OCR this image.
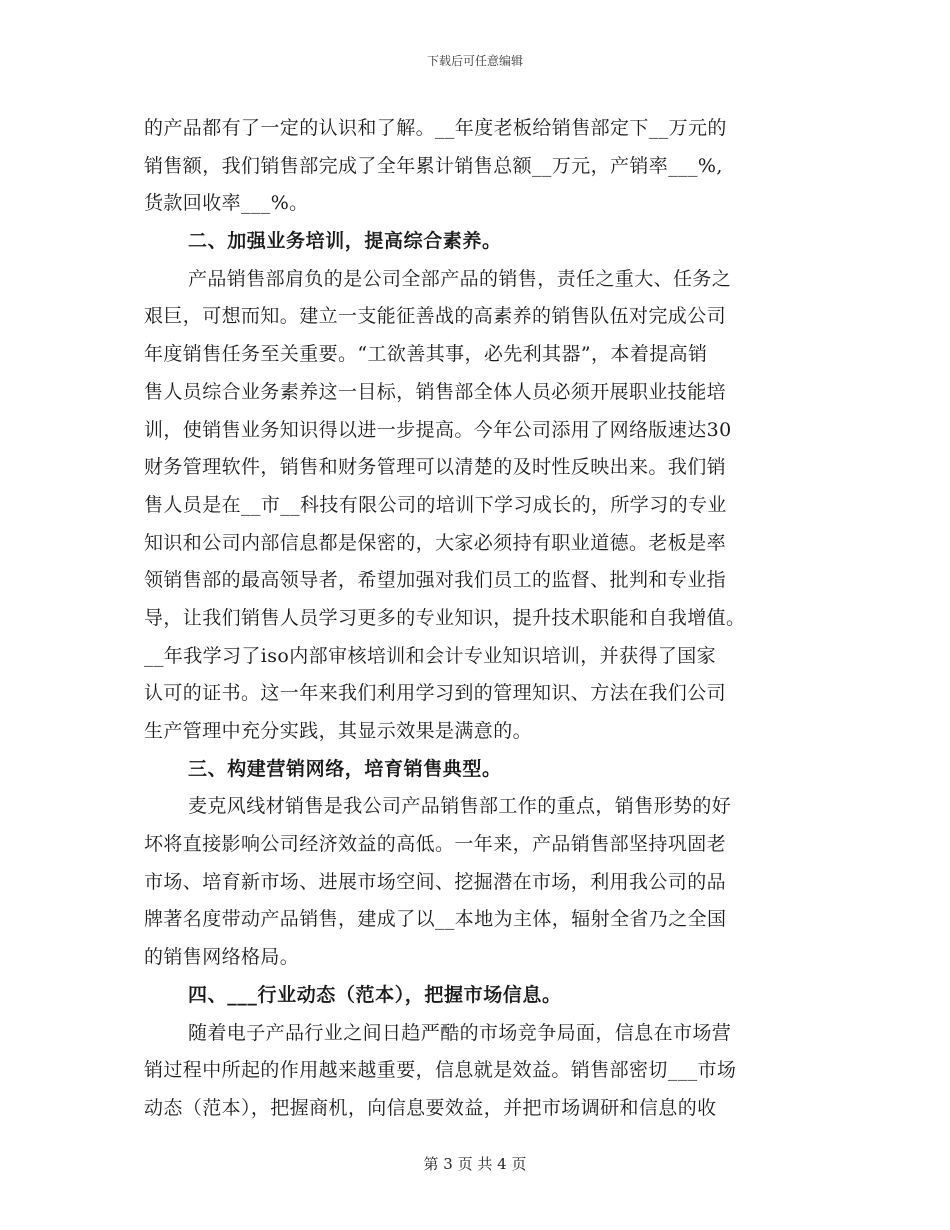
下载后可任意编辑
的产品都有了一定的认识和了解。__年度老板给销售部定下__万元的
销售额，我们销售部完成了全年累计销售总额__万元，产销率___%,
货款回收率___%。
二、加强业务培训，提高综合素养。
产品销售部肩负的是公司全部产品的销售，责任之重大、任务之
艰巨，可想而知。建立一支能征善战的高素养的销售队伍对完成公司
年度销售任务至关重要。“工欲善其事，必先利其器”，本着提高销
售人员综合业务素养这一目标，销售部全体人员必须开展职业技能培
训，使销售业务知识得以进一步提高。今年公司添用了网络版速达30
财务管理软件，销售和财务管理可以清楚的及时性反映出来。我们销
售人员是在__市__科技有限公司的培训下学习成长的，所学习的专业
知识和公司内部信息都是保密的，大家必须持有职业道德。老板是率
领销售部的最高领导者，希望加强对我们员工的监督、批判和专业指
导，让我们销售人员学习更多的专业知识，提升技术职能和自我增值。
__年我学习了iso内部审核培训和会计专业知识培训，并获得了国家
认可的证书。这一年来我们利用学习到的管理知识、方法在我们公司
生产管理中充分实践，其显示效果是满意的。
三、构建营销网络，培育销售典型。
麦克风线材销售是我公司产品销售部工作的重点，销售形势的好
坏将直接影响公司经济效益的高低。一年来，产品销售部坚持巩固老
市场、培育新市场、进展市场空间、挖掘潜在市场，利用我公司的品
牌著名度带动产品销售，建成了以__本地为主体，辐射全省乃之全国
的销售网络格局。
四、___行业动态（范本），把握市场信息。
随着电子产品行业之间日趋严酷的市场竞争局面，信息在市场营
销过程中所起的作用越来越重要，信息就是效益。销售部密切___市场
动态（范本），把握商机，向信息要效益，并把市场调研和信息的收
第 3 页 共 4 页
